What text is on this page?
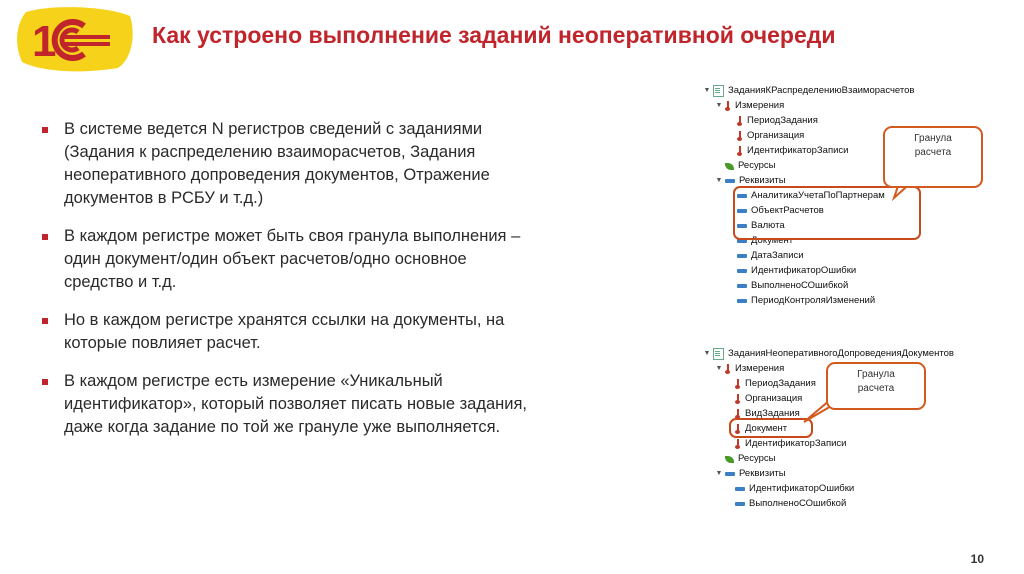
1	Как устроено выполнение заданий неоперативной очереди
В системе ведется N регистров сведений с заданиями
(Задания к распределению взаиморасчетов, Задания
неоперативного допроведения документов, Отражение
документов в РСБУ и т.д.)
В каждом регистре может быть своя гранула выполнения –
один документ/один объект расчетов/одно основное
средство и т.д.
Но в каждом регистре хранятся ссылки на документы, на
которые повлияет расчет.
В каждом регистре есть измерение «Уникальный
идентификатор», который позволяет писать новые задания,
даже когда задание по той же грануле уже выполняется.
▼ ЗаданияКРаспределениюВзаиморасчетов
▼ Измерения
ПериодЗадания
Организация
ИдентификаторЗаписи
Ресурсы
▼ Реквизиты
АналитикаУчетаПоПартнерам
ОбъектРасчетов
Валюта
Документ
ДатаЗаписи
ИдентификаторОшибки
ВыполненоСОшибкой
ПериодКонтроляИзменений
Гранула
расчета
▼ ЗаданияНеоперативногоДопроведенияДокументов
▼ Измерения
ПериодЗадания
Организация
ВидЗадания
Документ
ИдентификаторЗаписи
Ресурсы
▼ Реквизиты
ИдентификаторОшибки
ВыполненоСОшибкой
Гранула
расчета
10
